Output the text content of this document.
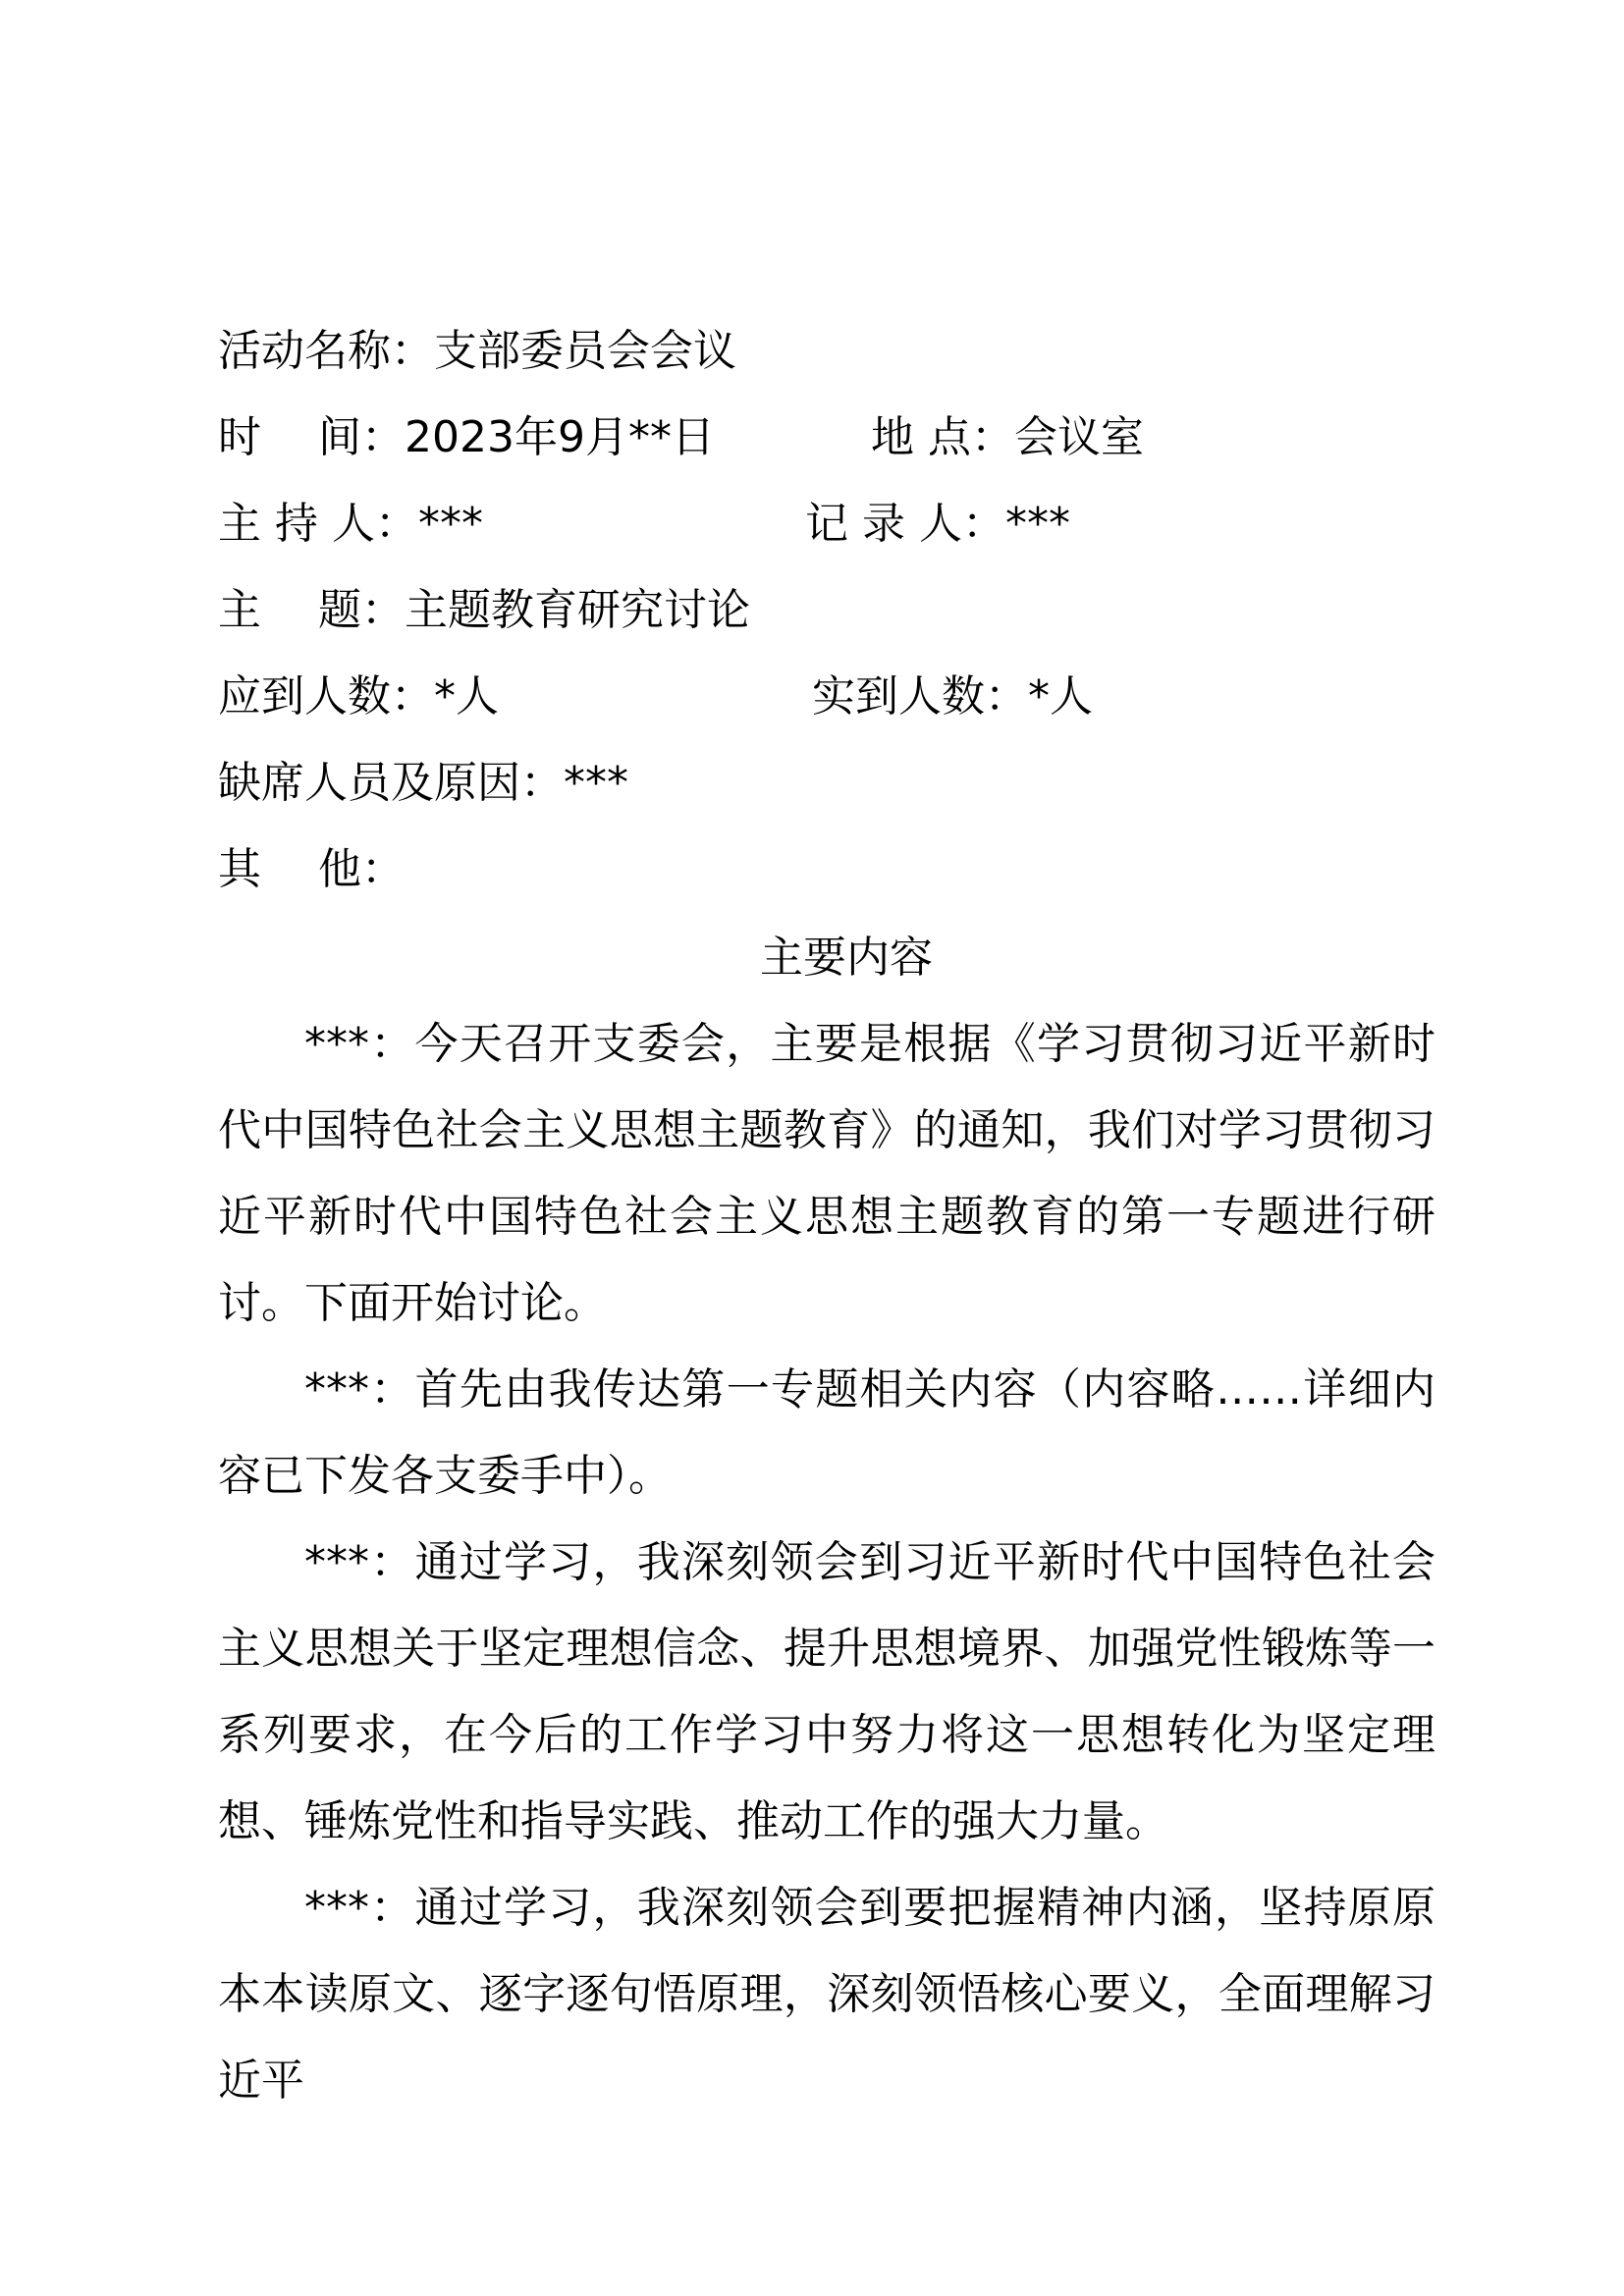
活动名称：支部委员会会议
时　 间：2023年9月**日	地 点：会议室
主 持 人：***	记 录 人：***
主　 题：主题教育研究讨论
应到人数：*人	实到人数：*人
缺席人员及原因：***
其　 他：
主要内容

***：今天召开支委会，主要是根据《学习贯彻习近平新时代中国特色社会主义思想主题教育》的通知，我们对学习贯彻习近平新时代中国特色社会主义思想主题教育的第一专题进行研讨。下面开始讨论。

***：首先由我传达第一专题相关内容（内容略……详细内容已下发各支委手中）。

***：通过学习，我深刻领会到习近平新时代中国特色社会主义思想关于坚定理想信念、提升思想境界、加强党性锻炼等一系列要求，在今后的工作学习中努力将这一思想转化为坚定理想、锤炼党性和指导实践、推动工作的强大力量。

***：通过学习，我深刻领会到要把握精神内涵，坚持原原本本读原文、逐字逐句悟原理，深刻领悟核心要义，全面理解习近平
